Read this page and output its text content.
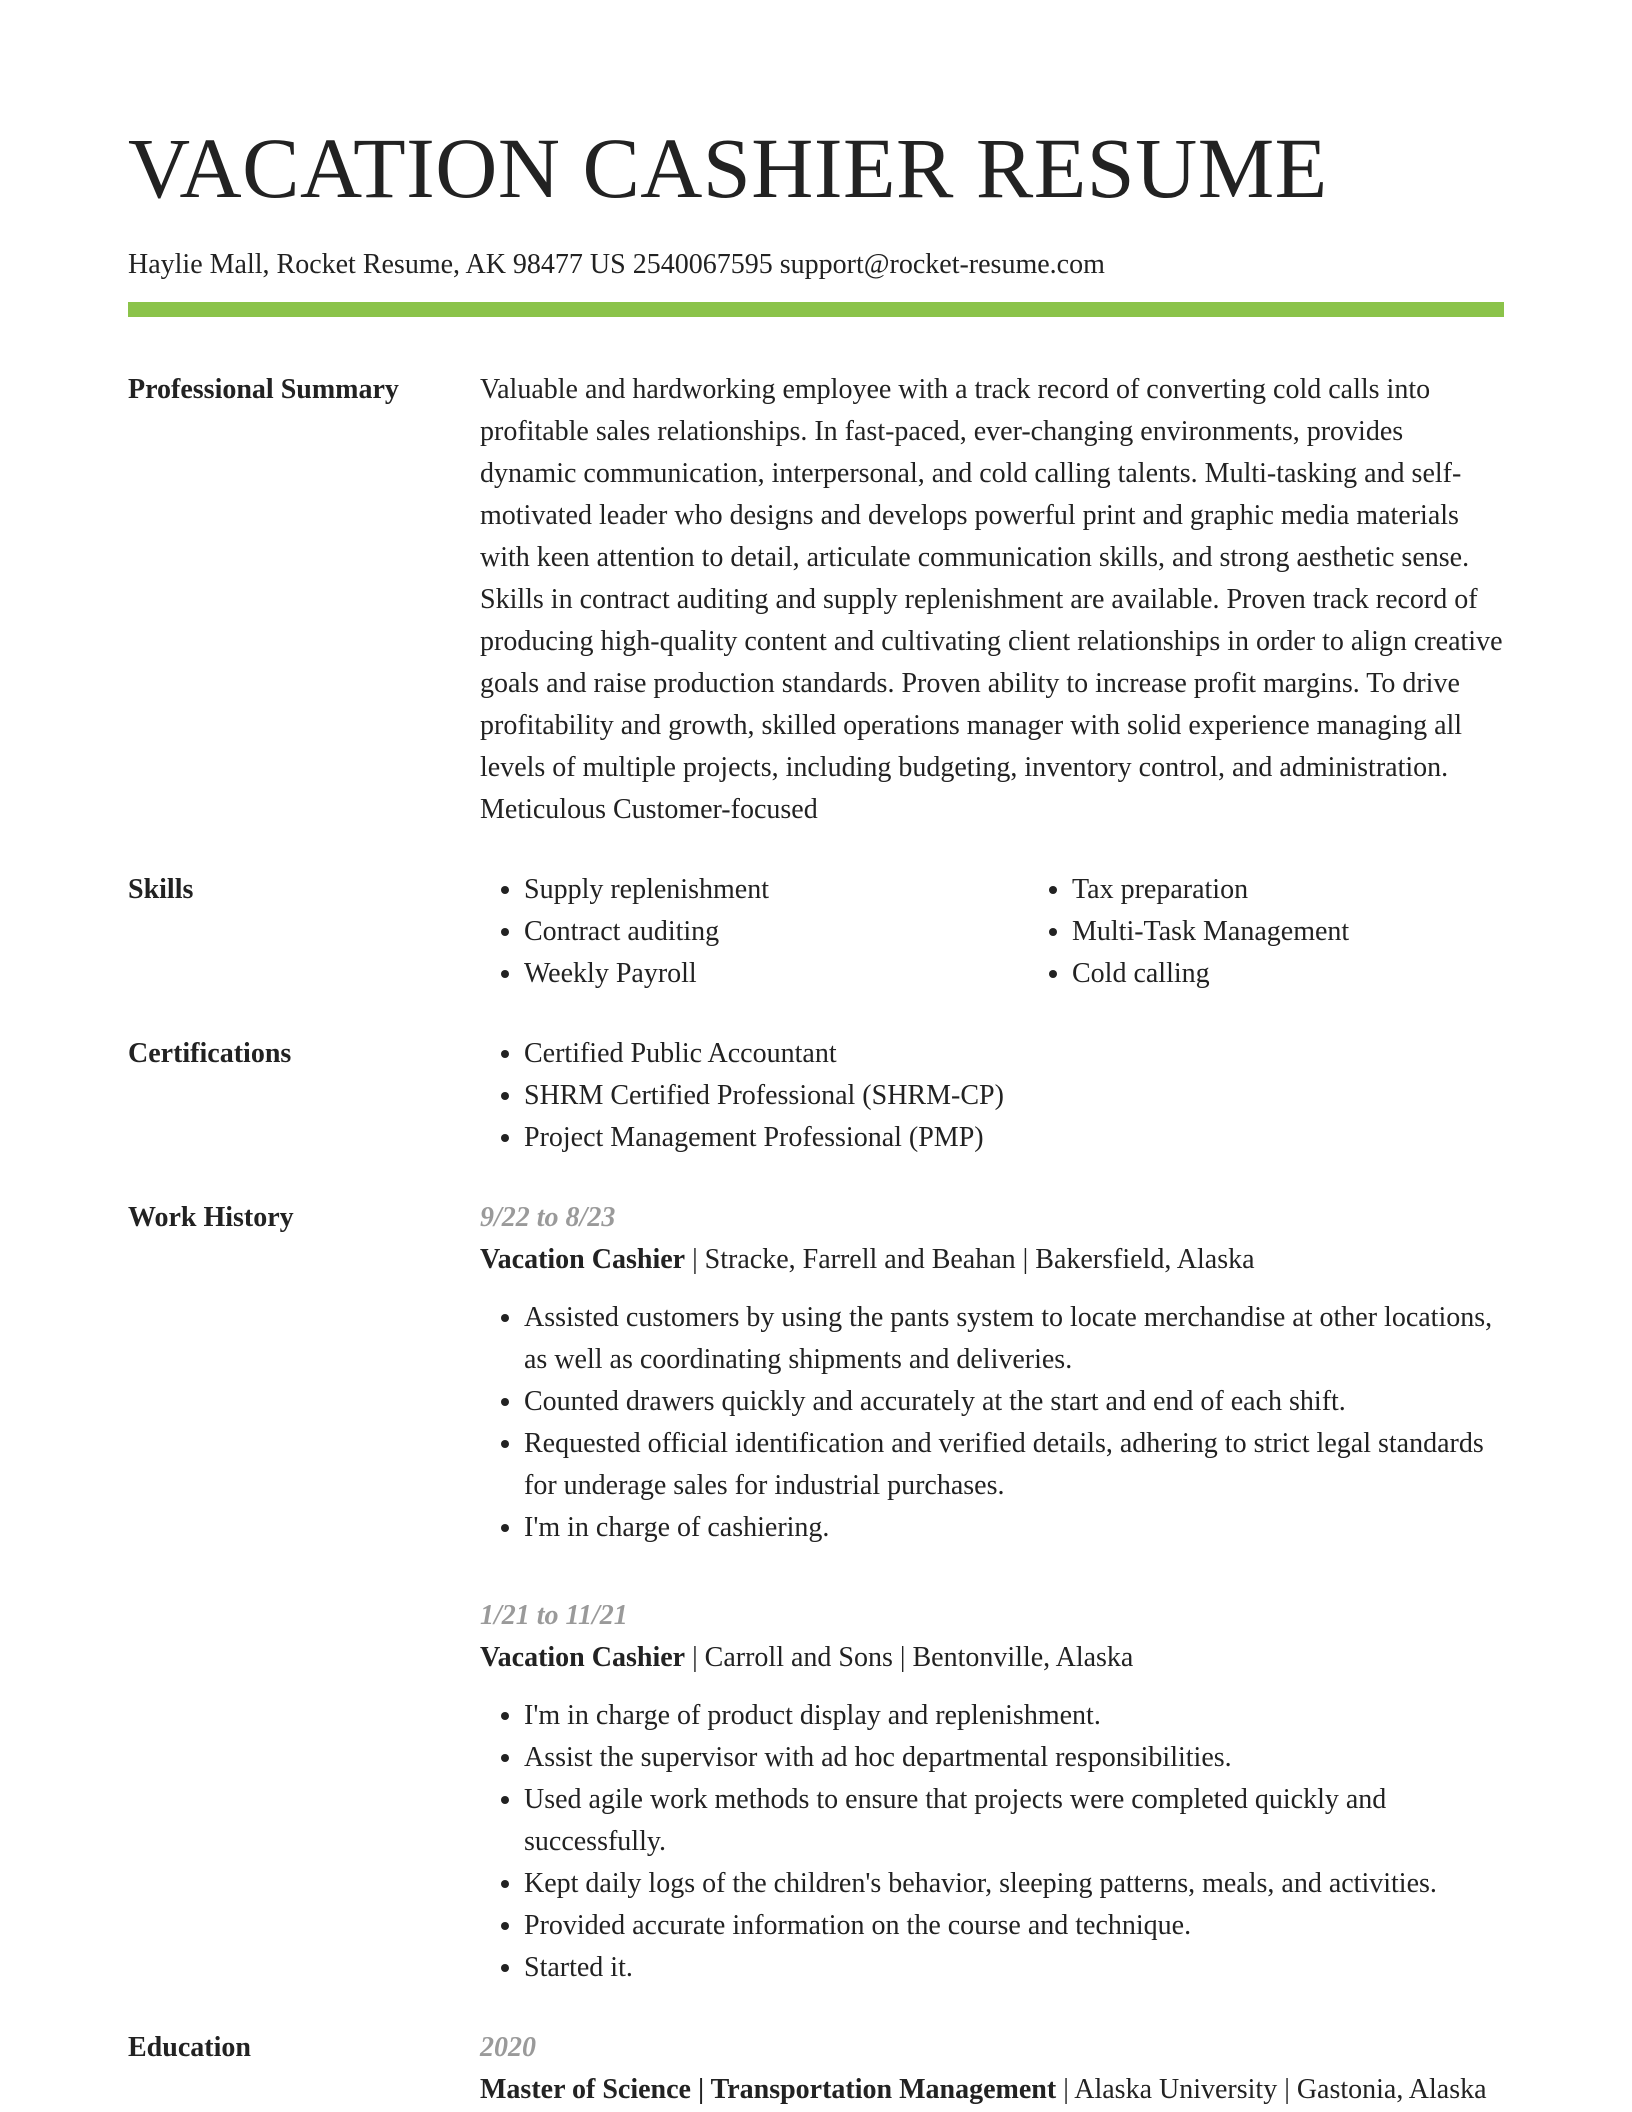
VACATION CASHIER RESUME
Haylie Mall, Rocket Resume, AK 98477 US 2540067595 support@rocket-resume.com
Professional Summary	Valuable and hardworking employee with a track record of converting cold calls into profitable sales relationships. In fast-paced, ever-changing environments, provides dynamic communication, interpersonal, and cold calling talents. Multi-tasking and self-motivated leader who designs and develops powerful print and graphic media materials with keen attention to detail, articulate communication skills, and strong aesthetic sense. Skills in contract auditing and supply replenishment are available. Proven track record of producing high-quality content and cultivating client relationships in order to align creative goals and raise production standards. Proven ability to increase profit margins. To drive profitability and growth, skilled operations manager with solid experience managing all levels of multiple projects, including budgeting, inventory control, and administration. Meticulous Customer-focused

Skills	• Supply replenishment
• Contract auditing
• Weekly Payroll
• Tax preparation
• Multi-Task Management
• Cold calling
Certifications	• Certified Public Accountant
• SHRM Certified Professional (SHRM-CP)
• Project Management Professional (PMP)
Work History	9/22 to 8/23
Vacation Cashier | Stracke, Farrell and Beahan | Bakersfield, Alaska
• Assisted customers by using the pants system to locate merchandise at other locations, as well as coordinating shipments and deliveries.
• Counted drawers quickly and accurately at the start and end of each shift.
• Requested official identification and verified details, adhering to strict legal standards for underage sales for industrial purchases.
• I'm in charge of cashiering.
1/21 to 11/21
Vacation Cashier | Carroll and Sons | Bentonville, Alaska
• I'm in charge of product display and replenishment.
• Assist the supervisor with ad hoc departmental responsibilities.
• Used agile work methods to ensure that projects were completed quickly and successfully.
• Kept daily logs of the children's behavior, sleeping patterns, meals, and activities.
• Provided accurate information on the course and technique.
• Started it.
Education	2020
Master of Science | Transportation Management | Alaska University | Gastonia, Alaska
